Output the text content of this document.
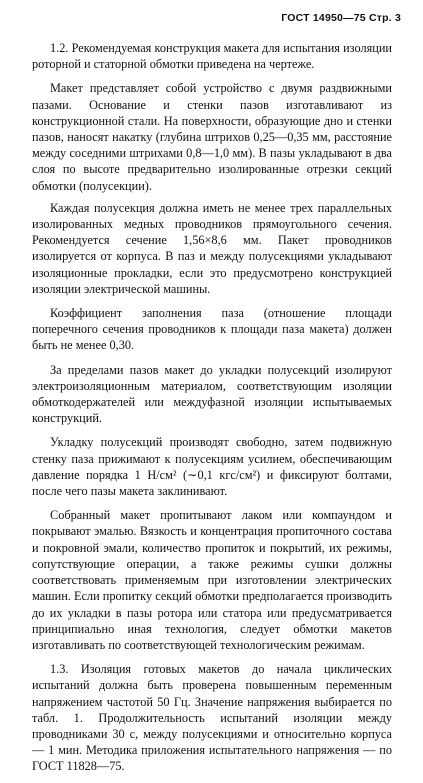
ГОСТ 14950—75 Стр. 3

1.2. Рекомендуемая конструкция макета для испытания изоляции роторной и статорной обмотки приведена на чертеже.

Макет представляет собой устройство с двумя раздвижными пазами. Основание и стенки пазов изготавливают из конструкционной стали. На поверхности, образующие дно и стенки пазов, наносят накатку (глубина штрихов 0,25—0,35 мм, расстояние между соседними штрихами 0,8—1,0 мм). В пазы укладывают в два слоя по высоте предварительно изолированные отрезки секций обмотки (полусекции).

Каждая полусекция должна иметь не менее трех параллельных изолированных медных проводников прямоугольного сечения. Рекомендуется сечение 1,56×8,6 мм. Пакет проводников изолируется от корпуса. В паз и между полусекциями укладывают изоляционные прокладки, если это предусмотрено конструкцией изоляции электрической машины.

Коэффициент заполнения паза (отношение площади поперечного сечения проводников к площади паза макета) должен быть не менее 0,30.

За пределами пазов макет до укладки полусекций изолируют электроизоляционным материалом, соответствующим изоляции обмоткодержателей или междуфазной изоляции испытываемых конструкций.

Укладку полусекций производят свободно, затем подвижную стенку паза прижимают к полусекциям усилием, обеспечивающим давление порядка 1 Н/см² (∼0,1 кгс/см²) и фиксируют болтами, после чего пазы макета заклинивают.

Собранный макет пропитывают лаком или компаундом и покрывают эмалью. Вязкость и концентрация пропиточного состава и покровной эмали, количество пропиток и покрытий, их режимы, сопутствующие операции, а также режимы сушки должны соответствовать применяемым при изготовлении электрических машин. Если пропитку секций обмотки предполагается производить до их укладки в пазы ротора или статора или предусматривается принципиально иная технология, следует обмотки макетов изготавливать по соответствующей технологическим режимам.

1.3. Изоляция готовых макетов до начала циклических испытаний должна быть проверена повышенным переменным напряжением частотой 50 Гц. Значение напряжения выбирается по табл. 1. Продолжительность испытаний изоляции между проводниками 30 с, между полусекциями и относительно корпуса — 1 мин. Методика приложения испытательного напряжения — по ГОСТ 11828—75.
